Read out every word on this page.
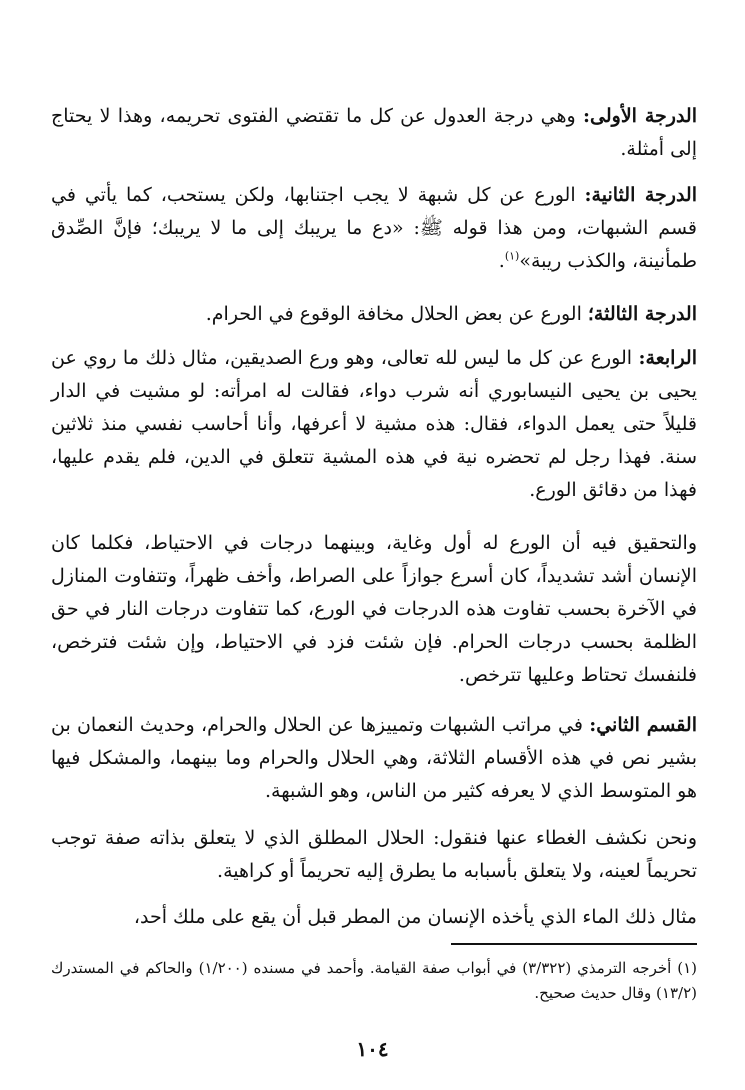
الدرجة الأولى: وهي درجة العدول عن كل ما تقتضي الفتوى تحريمه، وهذا لا يحتاج إلى أمثلة.

الدرجة الثانية: الورع عن كل شبهة لا يجب اجتنابها، ولكن يستحب، كما يأتي في قسم الشبهات، ومن هذا قوله ﷺ: «دع ما يريبك إلى ما لا يريبك؛ فإنَّ الصِّدق طمأنينة، والكذب ريبة»$^{(١)}$.

الدرجة الثالثة؛ الورع عن بعض الحلال مخافة الوقوع في الحرام.

الرابعة: الورع عن كل ما ليس لله تعالى، وهو ورع الصديقين، مثال ذلك ما روي عن يحيى بن يحيى النيسابوري أنه شرب دواء، فقالت له امرأته: لو مشيت في الدار قليلاً حتى يعمل الدواء، فقال: هذه مشية لا أعرفها، وأنا أحاسب نفسي منذ ثلاثين سنة. فهذا رجل لم تحضره نية في هذه المشية تتعلق في الدين، فلم يقدم عليها، فهذا من دقائق الورع.

والتحقيق فيه أن الورع له أول وغاية، وبينهما درجات في الاحتياط، فكلما كان الإنسان أشد تشديداً، كان أسرع جوازاً على الصراط، وأخف ظهراً، وتتفاوت المنازل في الآخرة بحسب تفاوت هذه الدرجات في الورع، كما تتفاوت درجات النار في حق الظلمة بحسب درجات الحرام. فإن شئت فزد في الاحتياط، وإن شئت فترخص، فلنفسك تحتاط وعليها تترخص.

القسم الثاني: في مراتب الشبهات وتمييزها عن الحلال والحرام، وحديث النعمان بن بشير نص في هذه الأقسام الثلاثة، وهي الحلال والحرام وما بينهما، والمشكل فيها هو المتوسط الذي لا يعرفه كثير من الناس، وهو الشبهة.

ونحن نكشف الغطاء عنها فنقول: الحلال المطلق الذي لا يتعلق بذاته صفة توجب تحريماً لعينه، ولا يتعلق بأسبابه ما يطرق إليه تحريماً أو كراهية.

مثال ذلك الماء الذي يأخذه الإنسان من المطر قبل أن يقع على ملك أحد،

(١) أخرجه الترمذي (٣/٣٢٢) في أبواب صفة القيامة. وأحمد في مسنده (١/٢٠٠) والحاكم في المستدرك (١٣/٢) وقال حديث صحيح.

١٠٤
